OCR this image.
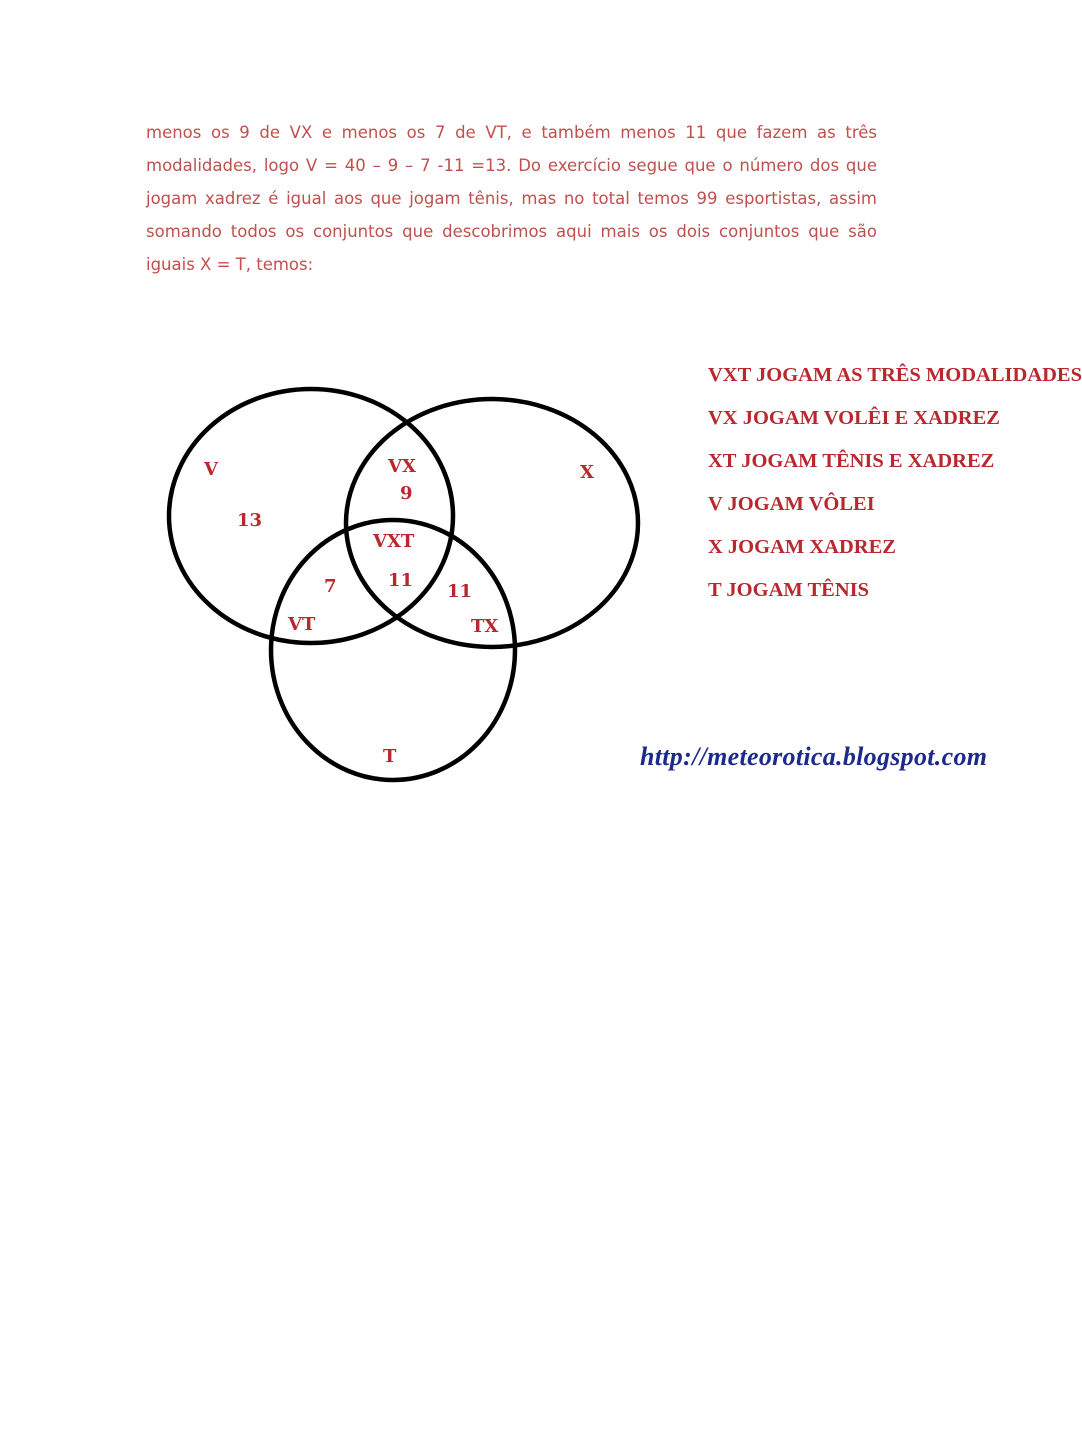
menos os 9 de VX e menos os 7 de VT, e também menos 11 que fazem as três modalidades, logo V = 40 – 9 – 7 -11 =13. Do exercício segue que o número dos que jogam xadrez é igual aos que jogam tênis, mas no total temos 99 esportistas, assim somando todos os conjuntos que descobrimos aqui mais os dois conjuntos que são iguais X = T, temos:

V	X
T
VX
VXT
VT	TX
13
9
7	11
11
VXT JOGAM AS TRÊS MODALIDADES
VX JOGAM VOLÊI E XADREZ
XT JOGAM TÊNIS E XADREZ
V JOGAM VÔLEI
X JOGAM XADREZ
T JOGAM TÊNIS
http://meteorotica.blogspot.com
